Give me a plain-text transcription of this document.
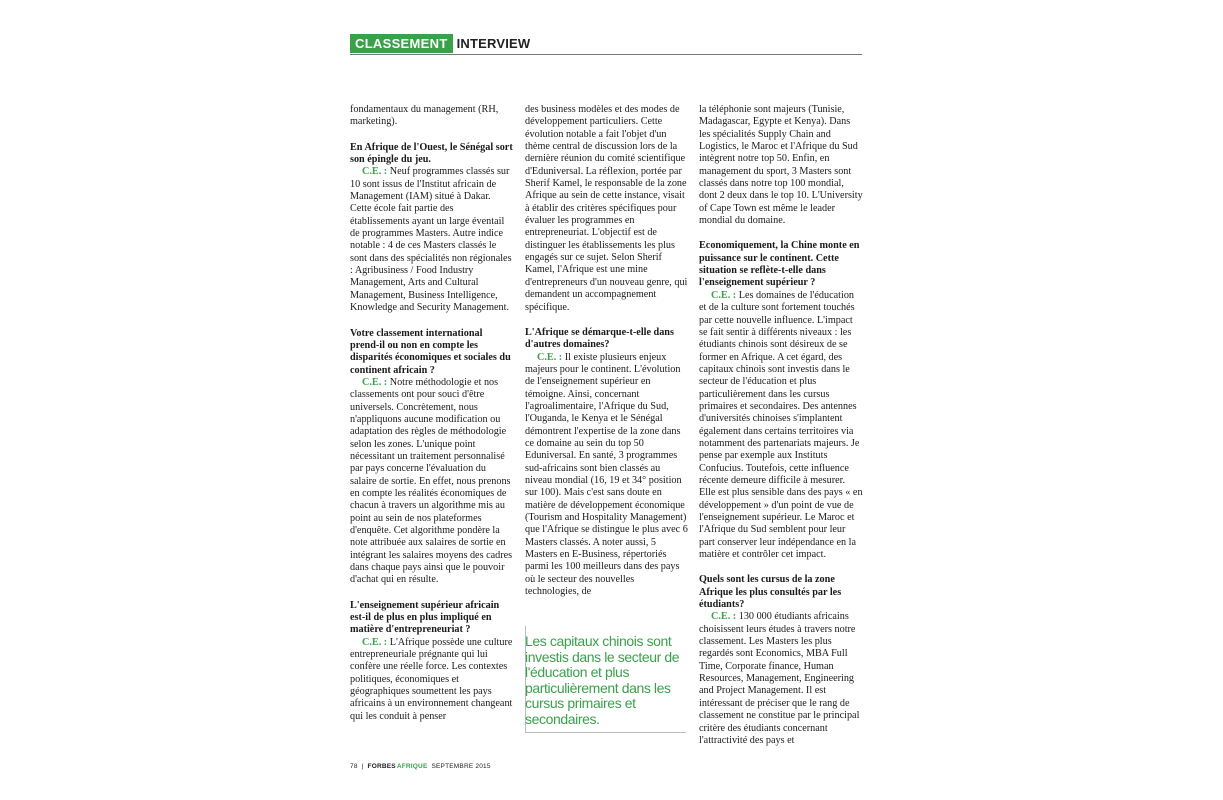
CLASSEMENT INTERVIEW

fondamentaux du management (RH, marketing).

En Afrique de l'Ouest, le Sénégal sort son épingle du jeu.

C.E. : Neuf programmes classés sur 10 sont issus de l'Institut africain de Management (IAM) situé à Dakar. Cette école fait partie des établissements ayant un large éventail de programmes Masters. Autre indice notable : 4 de ces Masters classés le sont dans des spécialités non régionales : Agribusiness / Food Industry Management, Arts and Cultural Management, Business Intelligence, Knowledge and Security Management.

Votre classement international prend-il ou non en compte les disparités économiques et sociales du continent africain ?

C.E. : Notre méthodologie et nos classements ont pour souci d'être universels. Concrètement, nous n'appliquons aucune modification ou adaptation des règles de méthodologie selon les zones. L'unique point nécessitant un traitement personnalisé par pays concerne l'évaluation du salaire de sortie. En effet, nous prenons en compte les réalités économiques de chacun à travers un algorithme mis au point au sein de nos plateformes d'enquête. Cet algorithme pondère la note attribuée aux salaires de sortie en intégrant les salaires moyens des cadres dans chaque pays ainsi que le pouvoir d'achat qui en résulte.

L'enseignement supérieur africain est-il de plus en plus impliqué en matière d'entrepreneuriat ?

C.E. : L'Afrique possède une culture entrepreneuriale prégnante qui lui confère une réelle force. Les contextes politiques, économiques et géographiques soumettent les pays africains à un environnement changeant qui les conduit à penser

des business modèles et des modes de développement particuliers. Cette évolution notable a fait l'objet d'un thème central de discussion lors de la dernière réunion du comité scientifique d'Eduniversal. La réflexion, portée par Sherif Kamel, le responsable de la zone Afrique au sein de cette instance, visait à établir des critères spécifiques pour évaluer les programmes en entrepreneuriat. L'objectif est de distinguer les établissements les plus engagés sur ce sujet. Selon Sherif Kamel, l'Afrique est une mine d'entrepreneurs d'un nouveau genre, qui demandent un accompagnement spécifique.

L'Afrique se démarque-t-elle dans d'autres domaines?

C.E. : Il existe plusieurs enjeux majeurs pour le continent. L'évolution de l'enseignement supérieur en témoigne. Ainsi, concernant l'agroalimentaire, l'Afrique du Sud, l'Ouganda, le Kenya et le Sénégal démontrent l'expertise de la zone dans ce domaine au sein du top 50 Eduniversal. En santé, 3 programmes sud-africains sont bien classés au niveau mondial (16, 19 et 34° position sur 100). Mais c'est sans doute en matière de développement économique (Tourism and Hospitality Management) que l'Afrique se distingue le plus avec 6 Masters classés. A noter aussi, 5 Masters en E-Business, répertoriés parmi les 100 meilleurs dans des pays où le secteur des nouvelles technologies, de

Les capitaux chinois sont investis dans le secteur de l'éducation et plus particulièrement dans les cursus primaires et secondaires.

la téléphonie sont majeurs (Tunisie, Madagascar, Egypte et Kenya). Dans les spécialités Supply Chain and Logistics, le Maroc et l'Afrique du Sud intègrent notre top 50. Enfin, en management du sport, 3 Masters sont classés dans notre top 100 mondial, dont 2 deux dans le top 10. L'University of Cape Town est même le leader mondial du domaine.

Economiquement, la Chine monte en puissance sur le continent. Cette situation se reflète-t-elle dans l'enseignement supérieur ?

C.E. : Les domaines de l'éducation et de la culture sont fortement touchés par cette nouvelle influence. L'impact se fait sentir à différents niveaux : les étudiants chinois sont désireux de se former en Afrique. A cet égard, des capitaux chinois sont investis dans le secteur de l'éducation et plus particulièrement dans les cursus primaires et secondaires. Des antennes d'universités chinoises s'implantent également dans certains territoires via notamment des partenariats majeurs. Je pense par exemple aux Instituts Confucius. Toutefois, cette influence récente demeure difficile à mesurer. Elle est plus sensible dans des pays « en développement » d'un point de vue de l'enseignement supérieur. Le Maroc et l'Afrique du Sud semblent pour leur part conserver leur indépendance en la matière et contrôler cet impact.

Quels sont les cursus de la zone Afrique les plus consultés par les étudiants?

C.E. : 130 000 étudiants africains choisissent leurs études à travers notre classement. Les Masters les plus regardés sont Economics, MBA Full Time, Corporate finance, Human Resources, Management, Engineering and Project Management. Il est intéressant de préciser que le rang de classement ne constitue par le principal critère des étudiants concernant l'attractivité des pays et

78 | FORBES AFRIQUE SEPTEMBRE 2015
